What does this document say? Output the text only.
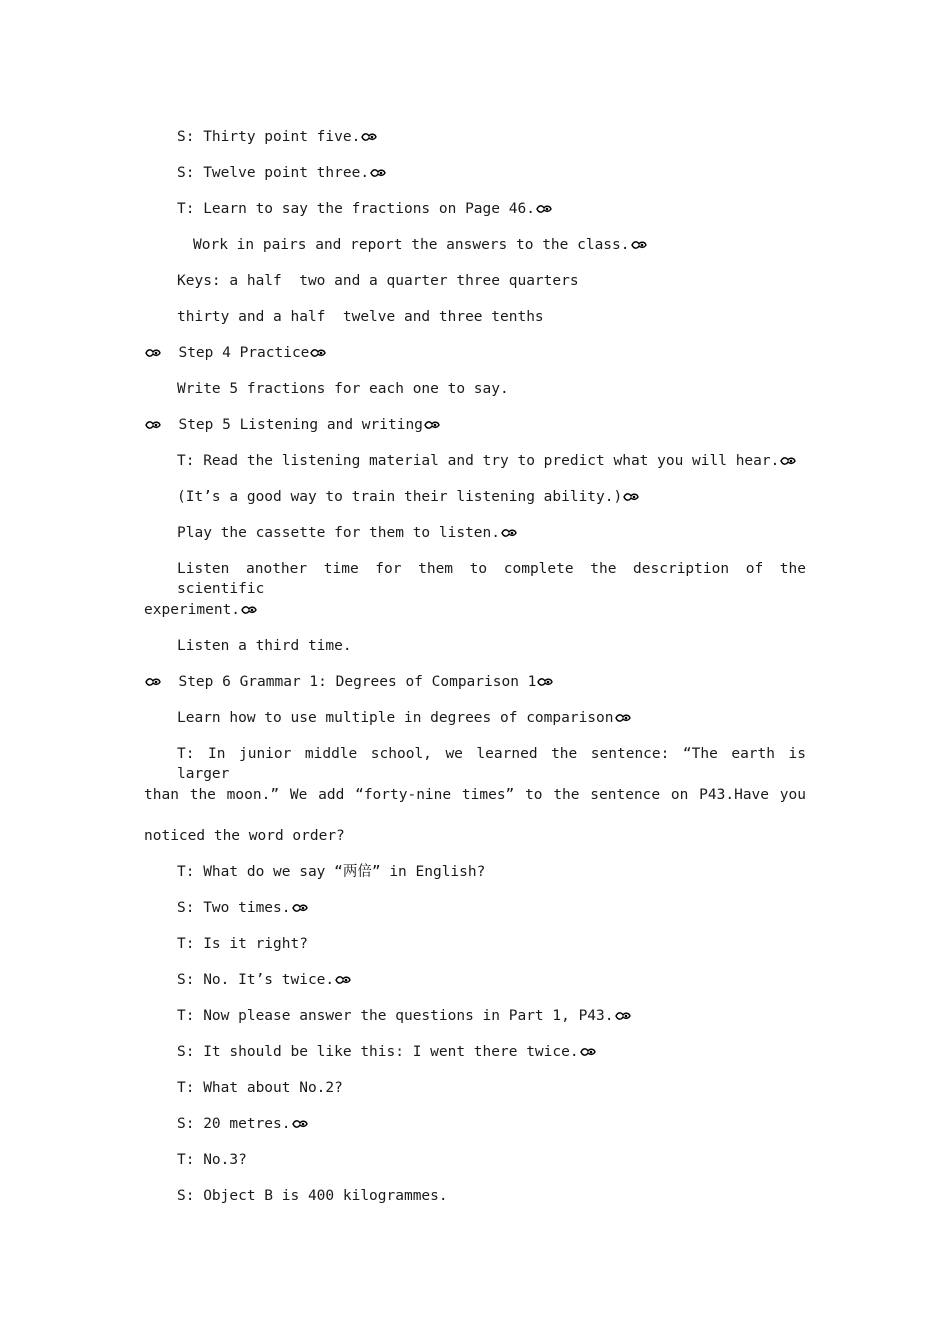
S: Thirty point five.
S: Twelve point three.
T: Learn to say the fractions on Page 46.
Work in pairs and report the answers to the class.
Keys: a half  two and a quarter three quarters
thirty and a half  twelve and three tenths
Step 4 Practice
Write 5 fractions for each one to say.
Step 5 Listening and writing
T: Read the listening material and try to predict what you will hear.
(It’s a good way to train their listening ability.)
Play the cassette for them to listen.
Listen another time for them to complete the description of the scientific
experiment.
Listen a third time.
Step 6 Grammar 1: Degrees of Comparison 1
Learn how to use multiple in degrees of comparison
T: In junior middle school, we learned the sentence: “The earth is larger
than the moon.” We add “forty-nine times” to the sentence on P43.Have you
noticed the word order?
T: What do we say “两倍” in English?
S: Two times.
T: Is it right?
S: No. It’s twice.
T: Now please answer the questions in Part 1, P43.
S: It should be like this: I went there twice.
T: What about No.2?
S: 20 metres.
T: No.3?
S: Object B is 400 kilogrammes.
